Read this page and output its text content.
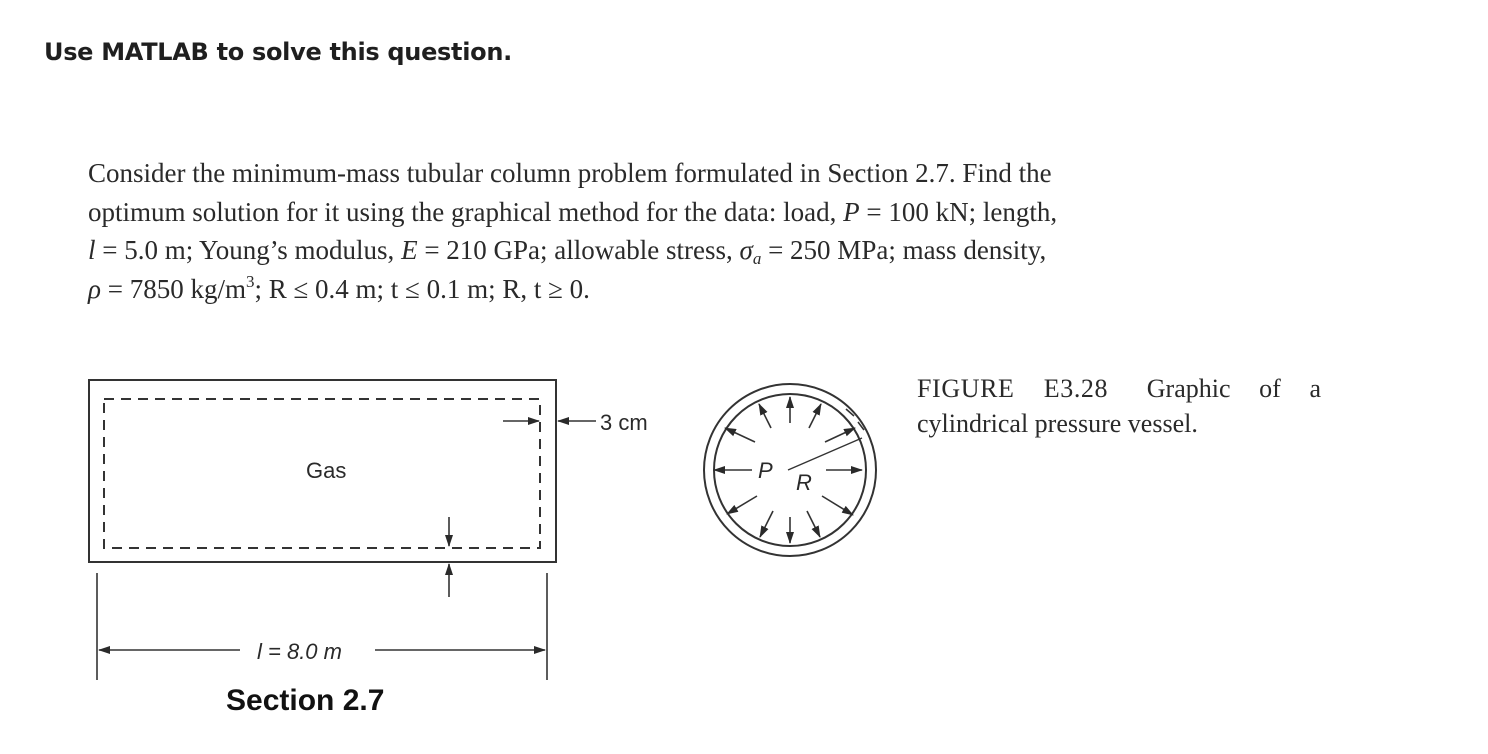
Use MATLAB to solve this question.
Consider the minimum-mass tubular column problem formulated in Section 2.7. Find the
optimum solution for it using the graphical method for the data: load, P = 100 kN; length,
l = 5.0 m; Young’s modulus, E = 210 GPa; allowable stress, $\sigma_a = 250$ MPa; mass density,
ρ = 7850 $kg/m^3$; R ≤ 0.4 m; t ≤ 0.1 m; R, t ≥ 0.
Gas
3 cm
l = 8.0 m
P R
FIGURE E3.28 Graphic of a cylindrical pressure vessel.
Section 2.7
